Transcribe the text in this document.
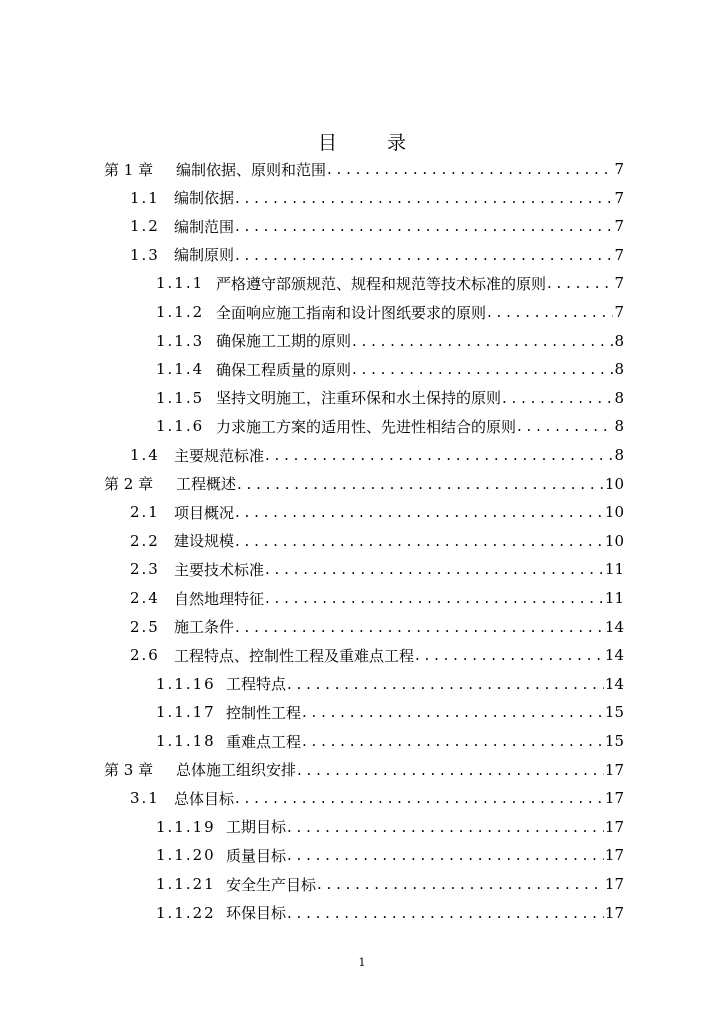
目 录
第 1 章	编制依据、原则和范围 . . .	7
1.1 编制依据 . . .	7
1.2 编制范围 . . .	7
1.3 编制原则 . . .	7
1.1.1 严格遵守部颁规范、规程和规范等技术标准的原则 . . .	7
1.1.2 全面响应施工指南和设计图纸要求的原则 . . .	7
1.1.3 确保施工工期的原则 . . .	8
1.1.4 确保工程质量的原则 . . .	8
1.1.5 坚持文明施工，注重环保和水土保持的原则 . . .	8
1.1.6 力求施工方案的适用性、先进性相结合的原则 . . .	8
1.4 主要规范标准 . . .	8
第 2 章	工程概述 . . .	10
2.1 项目概况 . . .	10
2.2 建设规模 . . .	10
2.3 主要技术标准 . . .	11
2.4 自然地理特征 . . .	11
2.5 施工条件 . . .	14
2.6 工程特点、控制性工程及重难点工程 . . .	14
1.1.16 工程特点 . . .	14
1.1.17 控制性工程 . . .	15
1.1.18 重难点工程 . . .	15
第 3 章	总体施工组织安排 . . .	17
3.1 总体目标 . . .	17
1.1.19 工期目标 . . .	17
1.1.20 质量目标 . . .	17
1.1.21 安全生产目标 . . .	17
1.1.22 环保目标 . . .	17
1
